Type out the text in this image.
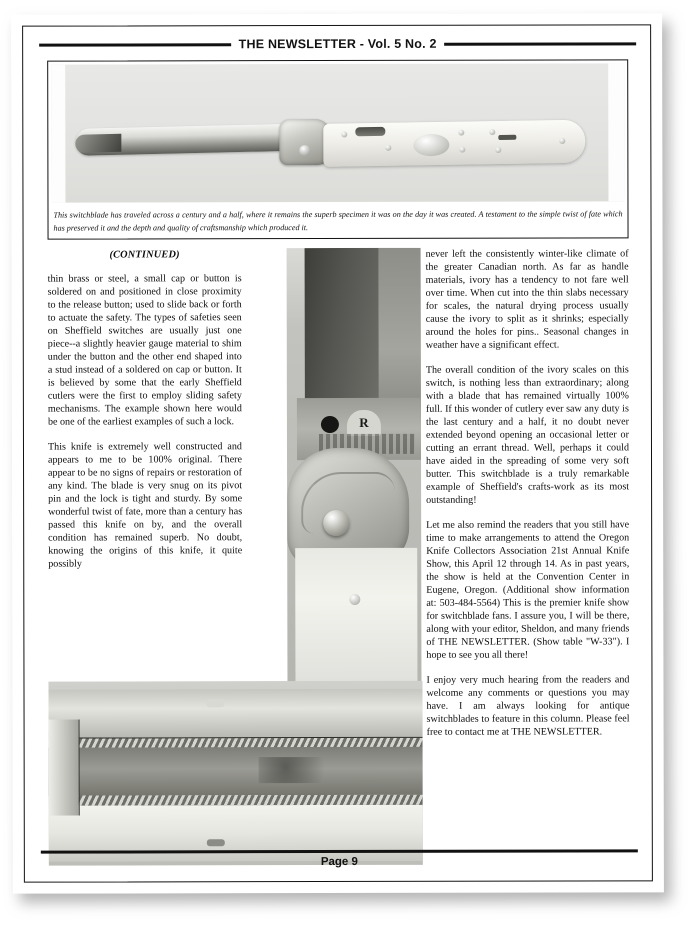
THE NEWSLETTER - Vol. 5 No. 2
This switchblade has traveled across a century and a half, where it remains the superb specimen it was on the day it was created. A testament to the simple twist of fate which has preserved it and the depth and quality of craftsmanship which produced it.
(CONTINUED)

thin brass or steel, a small cap or button is soldered on and positioned in close proximity to the release button; used to slide back or forth to actuate the safety. The types of safeties seen on Sheffield switches are usually just one piece--a slightly heavier gauge material to shim under the button and the other end shaped into a stud instead of a soldered on cap or button. It is believed by some that the early Sheffield cutlers were the first to employ sliding safety mechanisms. The example shown here would be one of the earliest examples of such a lock.

This knife is extremely well constructed and appears to me to be 100% original. There appear to be no signs of repairs or restoration of any kind. The blade is very snug on its pivot pin and the lock is tight and sturdy. By some wonderful twist of fate, more than a century has passed this knife on by, and the overall condition has remained superb. No doubt, knowing the origins of this knife, it quite possibly

never left the consistently winter-like climate of the greater Canadian north. As far as handle materials, ivory has a tendency to not fare well over time. When cut into the thin slabs necessary for scales, the natural drying process usually cause the ivory to split as it shrinks; especially around the holes for pins.. Seasonal changes in weather have a significant effect.

The overall condition of the ivory scales on this switch, is nothing less than extraordinary; along with a blade that has remained virtually 100% full. If this wonder of cutlery ever saw any duty is the last century and a half, it no doubt never extended beyond opening an occasional letter or cutting an errant thread. Well, perhaps it could have aided in the spreading of some very soft butter. This switchblade is a truly remarkable example of Sheffield's crafts-work as its most outstanding!

Let me also remind the readers that you still have time to make arrangements to attend the Oregon Knife Collectors Association 21st Annual Knife Show, this April 12 through 14. As in past years, the show is held at the Convention Center in Eugene, Oregon. (Additional show information at: 503-484-5564) This is the premier knife show for switchblade fans. I assure you, I will be there, along with your editor, Sheldon, and many friends of THE NEWSLETTER. (Show table "W-33"). I hope to see you all there!

I enjoy very much hearing from the readers and welcome any comments or questions you may have. I am always looking for antique switchblades to feature in this column. Please feel free to contact me at THE NEWSLETTER.

R
Page 9
